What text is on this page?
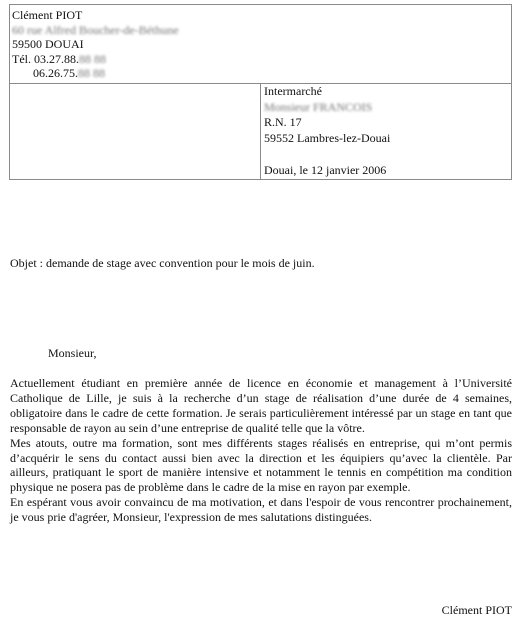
Clément PIOT
60 rue Alfred Boucher-de-Béthune
59500 DOUAI
Tél. 03.27.88.88 88
06.26.75.88 88

Intermarché
Monsieur FRANCOIS
R.N. 17
59552 Lambres-lez-Douai
Douai, le 12 janvier 2006
Objet : demande de stage avec convention pour le mois de juin.
Monsieur,

Actuellement étudiant en première année de licence en économie et management à l’Université Catholique de Lille, je suis à la recherche d’un stage de réalisation d’une durée de 4 semaines, obligatoire dans le cadre de cette formation. Je serais particulièrement intéressé par un stage en tant que responsable de rayon au sein d’une entreprise de qualité telle que la vôtre.

Mes atouts, outre ma formation, sont mes différents stages réalisés en entreprise, qui m’ont permis d’acquérir le sens du contact aussi bien avec la direction et les équipiers qu’avec la clientèle. Par ailleurs, pratiquant le sport de manière intensive et notamment le tennis en compétition ma condition physique ne posera pas de problème dans le cadre de la mise en rayon par exemple.

En espérant vous avoir convaincu de ma motivation, et dans l'espoir de vous rencontrer prochainement, je vous prie d'agréer, Monsieur, l'expression de mes salutations distinguées.

Clément PIOT
